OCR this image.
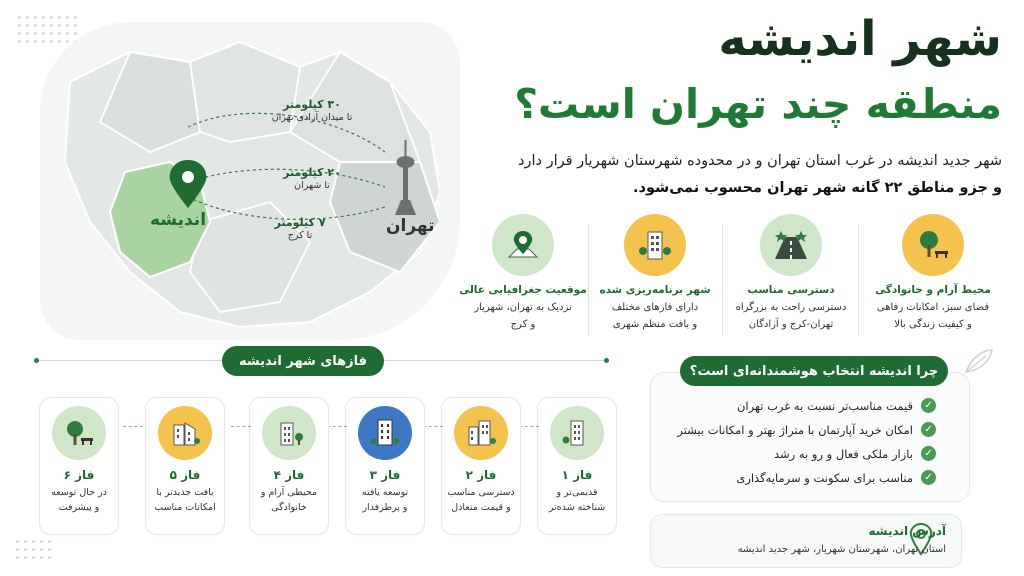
۳۰ کیلومتر
تا میدان آزادی تهران
۲۰ کیلومتر
تا شهران
۷ کیلومتر
تا کرج
اندیشه	تهران
شهر اندیشه
منطقه چند تهران است؟
شهر جدید اندیشه در غرب استان تهران و در محدوده شهرستان شهریار قرار دارد
و جزو مناطق ۲۲ گانه شهر تهران محسوب نمی‌شود.
محیط آرام و خانوادگی
فضای سبز، امکانات رفاهی
و کیفیت زندگی بالا
دسترسی مناسب
دسترسی راحت به بزرگراه
تهران-کرج و آزادگان
شهر برنامه‌ریزی شده
دارای فازهای مختلف
و بافت منظم شهری
موقعیت جغرافیایی عالی
نزدیک به تهران، شهریار
و کرج
فازهای شهر اندیشه
فاز ۱
قدیمی‌تر و
شناخته شده‌تر
فاز ۲
دسترسی مناسب
و قیمت متعادل
فاز ۳
توسعه یافته
و پرطرفدار
فاز ۴
محیطی آرام و
خانوادگی
فاز ۵
بافت جدیدتر با
امکانات مناسب
فاز ۶
در حال توسعه
و پیشرفت
چرا اندیشه انتخاب هوشمندانه‌ای است؟
✓
قیمت مناسب‌تر نسبت به غرب تهران
✓
امکان خرید آپارتمان با متراژ بهتر و امکانات بیشتر
✓
بازار ملکی فعال و رو به رشد
✓
مناسب برای سکونت و سرمایه‌گذاری
آدرس اندیشه
استان تهران، شهرستان شهریار، شهر جدید اندیشه
